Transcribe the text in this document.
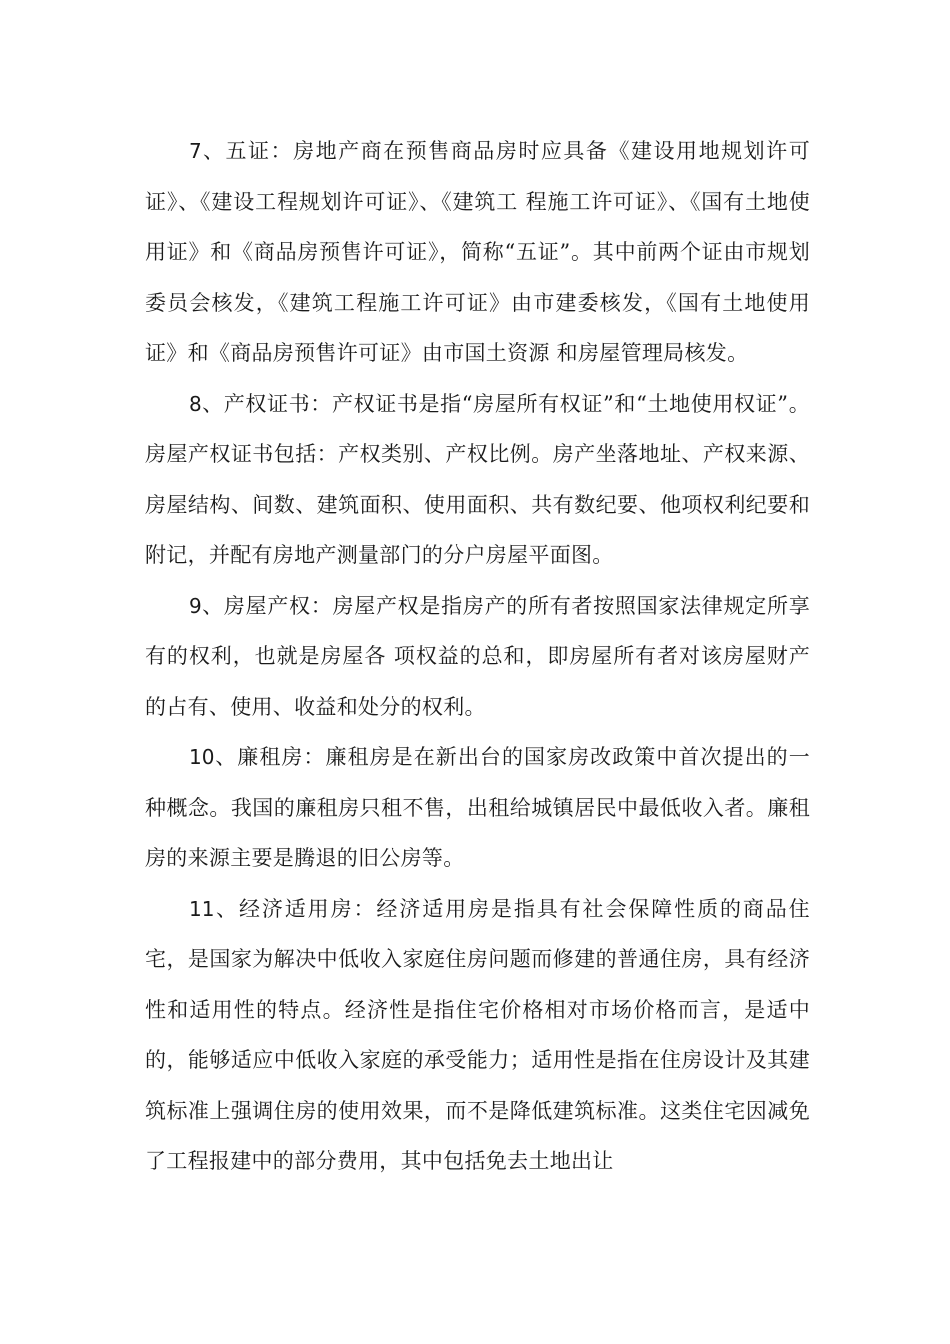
7、五证：房地产商在预售商品房时应具备《建设用地规划许可证》、《建设工程规划许可证》、《建筑工 程施工许可证》、《国有土地使用证》和《商品房预售许可证》，简称“五证”。其中前两个证由市规划委员会核发，《建筑工程施工许可证》由市建委核发，《国有土地使用证》和《商品房预售许可证》由市国土资源 和房屋管理局核发。

8、产权证书：产权证书是指“房屋所有权证”和“土地使用权证”。房屋产权证书包括：产权类别、产权比例。房产坐落地址、产权来源、房屋结构、间数、建筑面积、使用面积、共有数纪要、他项权利纪要和附记，并配有房地产测量部门的分户房屋平面图。

9、房屋产权：房屋产权是指房产的所有者按照国家法律规定所享有的权利，也就是房屋各 项权益的总和，即房屋所有者对该房屋财产的占有、使用、收益和处分的权利。

10、廉租房：廉租房是在新出台的国家房改政策中首次提出的一种概念。我国的廉租房只租不售，出租给城镇居民中最低收入者。廉租房的来源主要是腾退的旧公房等。

11、经济适用房：经济适用房是指具有社会保障性质的商品住宅，是国家为解决中低收入家庭住房问题而修建的普通住房，具有经济性和适用性的特点。经济性是指住宅价格相对市场价格而言，是适中的，能够适应中低收入家庭的承受能力；适用性是指在住房设计及其建筑标准上强调住房的使用效果，而不是降低建筑标准。这类住宅因减免了工程报建中的部分费用，其中包括免去土地出让
